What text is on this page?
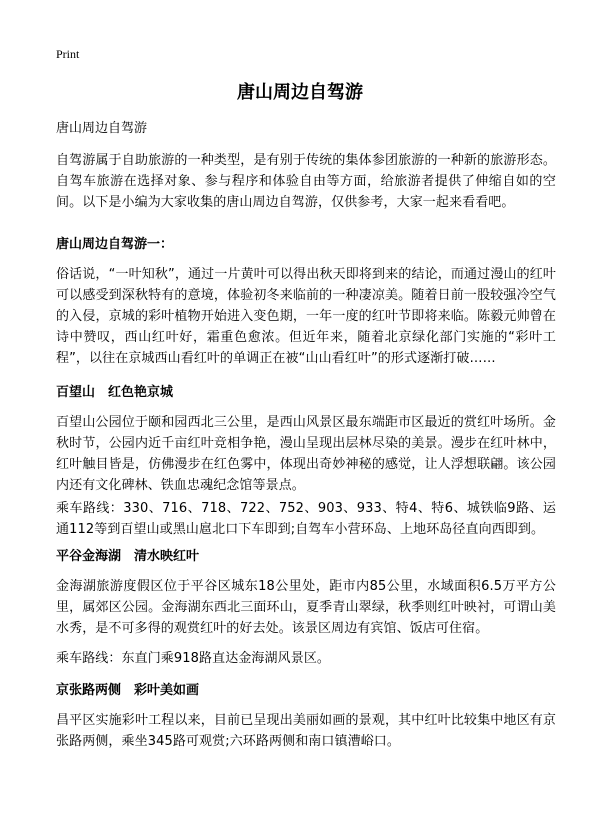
Print
唐山周边自驾游

唐山周边自驾游

自驾游属于自助旅游的一种类型，是有别于传统的集体参团旅游的一种新的旅游形态。自驾车旅游在选择对象、参与程序和体验自由等方面，给旅游者提供了伸缩自如的空间。以下是小编为大家收集的唐山周边自驾游，仅供参考，大家一起来看看吧。

唐山周边自驾游一：

俗话说，“一叶知秋”，通过一片黄叶可以得出秋天即将到来的结论，而通过漫山的红叶可以感受到深秋特有的意境，体验初冬来临前的一种凄凉美。随着日前一股较强冷空气的入侵，京城的彩叶植物开始进入变色期，一年一度的红叶节即将来临。陈毅元帅曾在诗中赞叹，西山红叶好，霜重色愈浓。但近年来，随着北京绿化部门实施的“彩叶工程”，以往在京城西山看红叶的单调正在被“山山看红叶”的形式逐渐打破……

百望山　红色艳京城

百望山公园位于颐和园西北三公里，是西山风景区最东端距市区最近的赏红叶场所。金秋时节，公园内近千亩红叶竞相争艳，漫山呈现出层林尽染的美景。漫步在红叶林中，红叶触目皆是，仿佛漫步在红色雾中，体现出奇妙神秘的感觉，让人浮想联翩。该公园内还有文化碑林、铁血忠魂纪念馆等景点。

乘车路线：330、716、718、722、752、903、933、特4、特6、城铁临9路、运通112等到百望山或黑山扈北口下车即到;自驾车小营环岛、上地环岛径直向西即到。

平谷金海湖　清水映红叶

金海湖旅游度假区位于平谷区城东18公里处，距市内85公里，水域面积6.5万平方公里，属郊区公园。金海湖东西北三面环山，夏季青山翠绿，秋季则红叶映衬，可谓山美水秀，是不可多得的观赏红叶的好去处。该景区周边有宾馆、饭店可住宿。

乘车路线：东直门乘918路直达金海湖风景区。

京张路两侧　彩叶美如画

昌平区实施彩叶工程以来，目前已呈现出美丽如画的景观，其中红叶比较集中地区有京张路两侧，乘坐345路可观赏;六环路两侧和南口镇漕峪口。
